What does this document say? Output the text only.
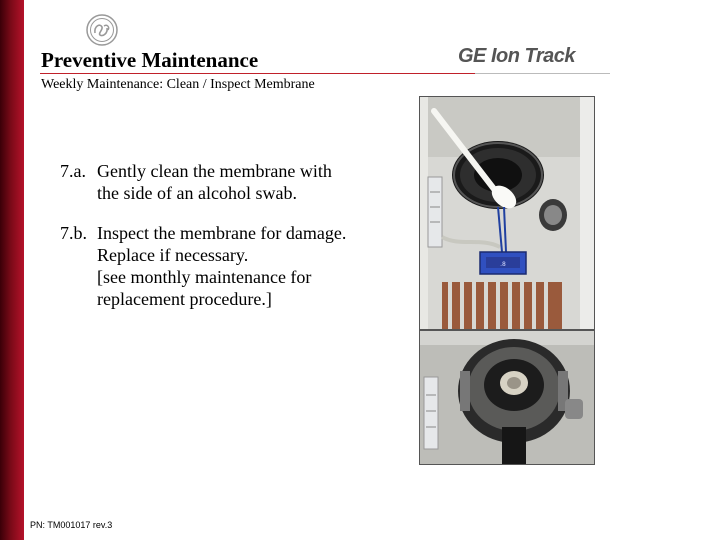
Preventive Maintenance	GE Ion Track
Weekly Maintenance: Clean / Inspect Membrane
7.a. Gently clean the membrane with
the side of an alcohol swab.
7.b. Inspect the membrane for damage.
Replace if necessary.
[see monthly maintenance for
replacement procedure.]
.8
PN: TM001017 rev.3
